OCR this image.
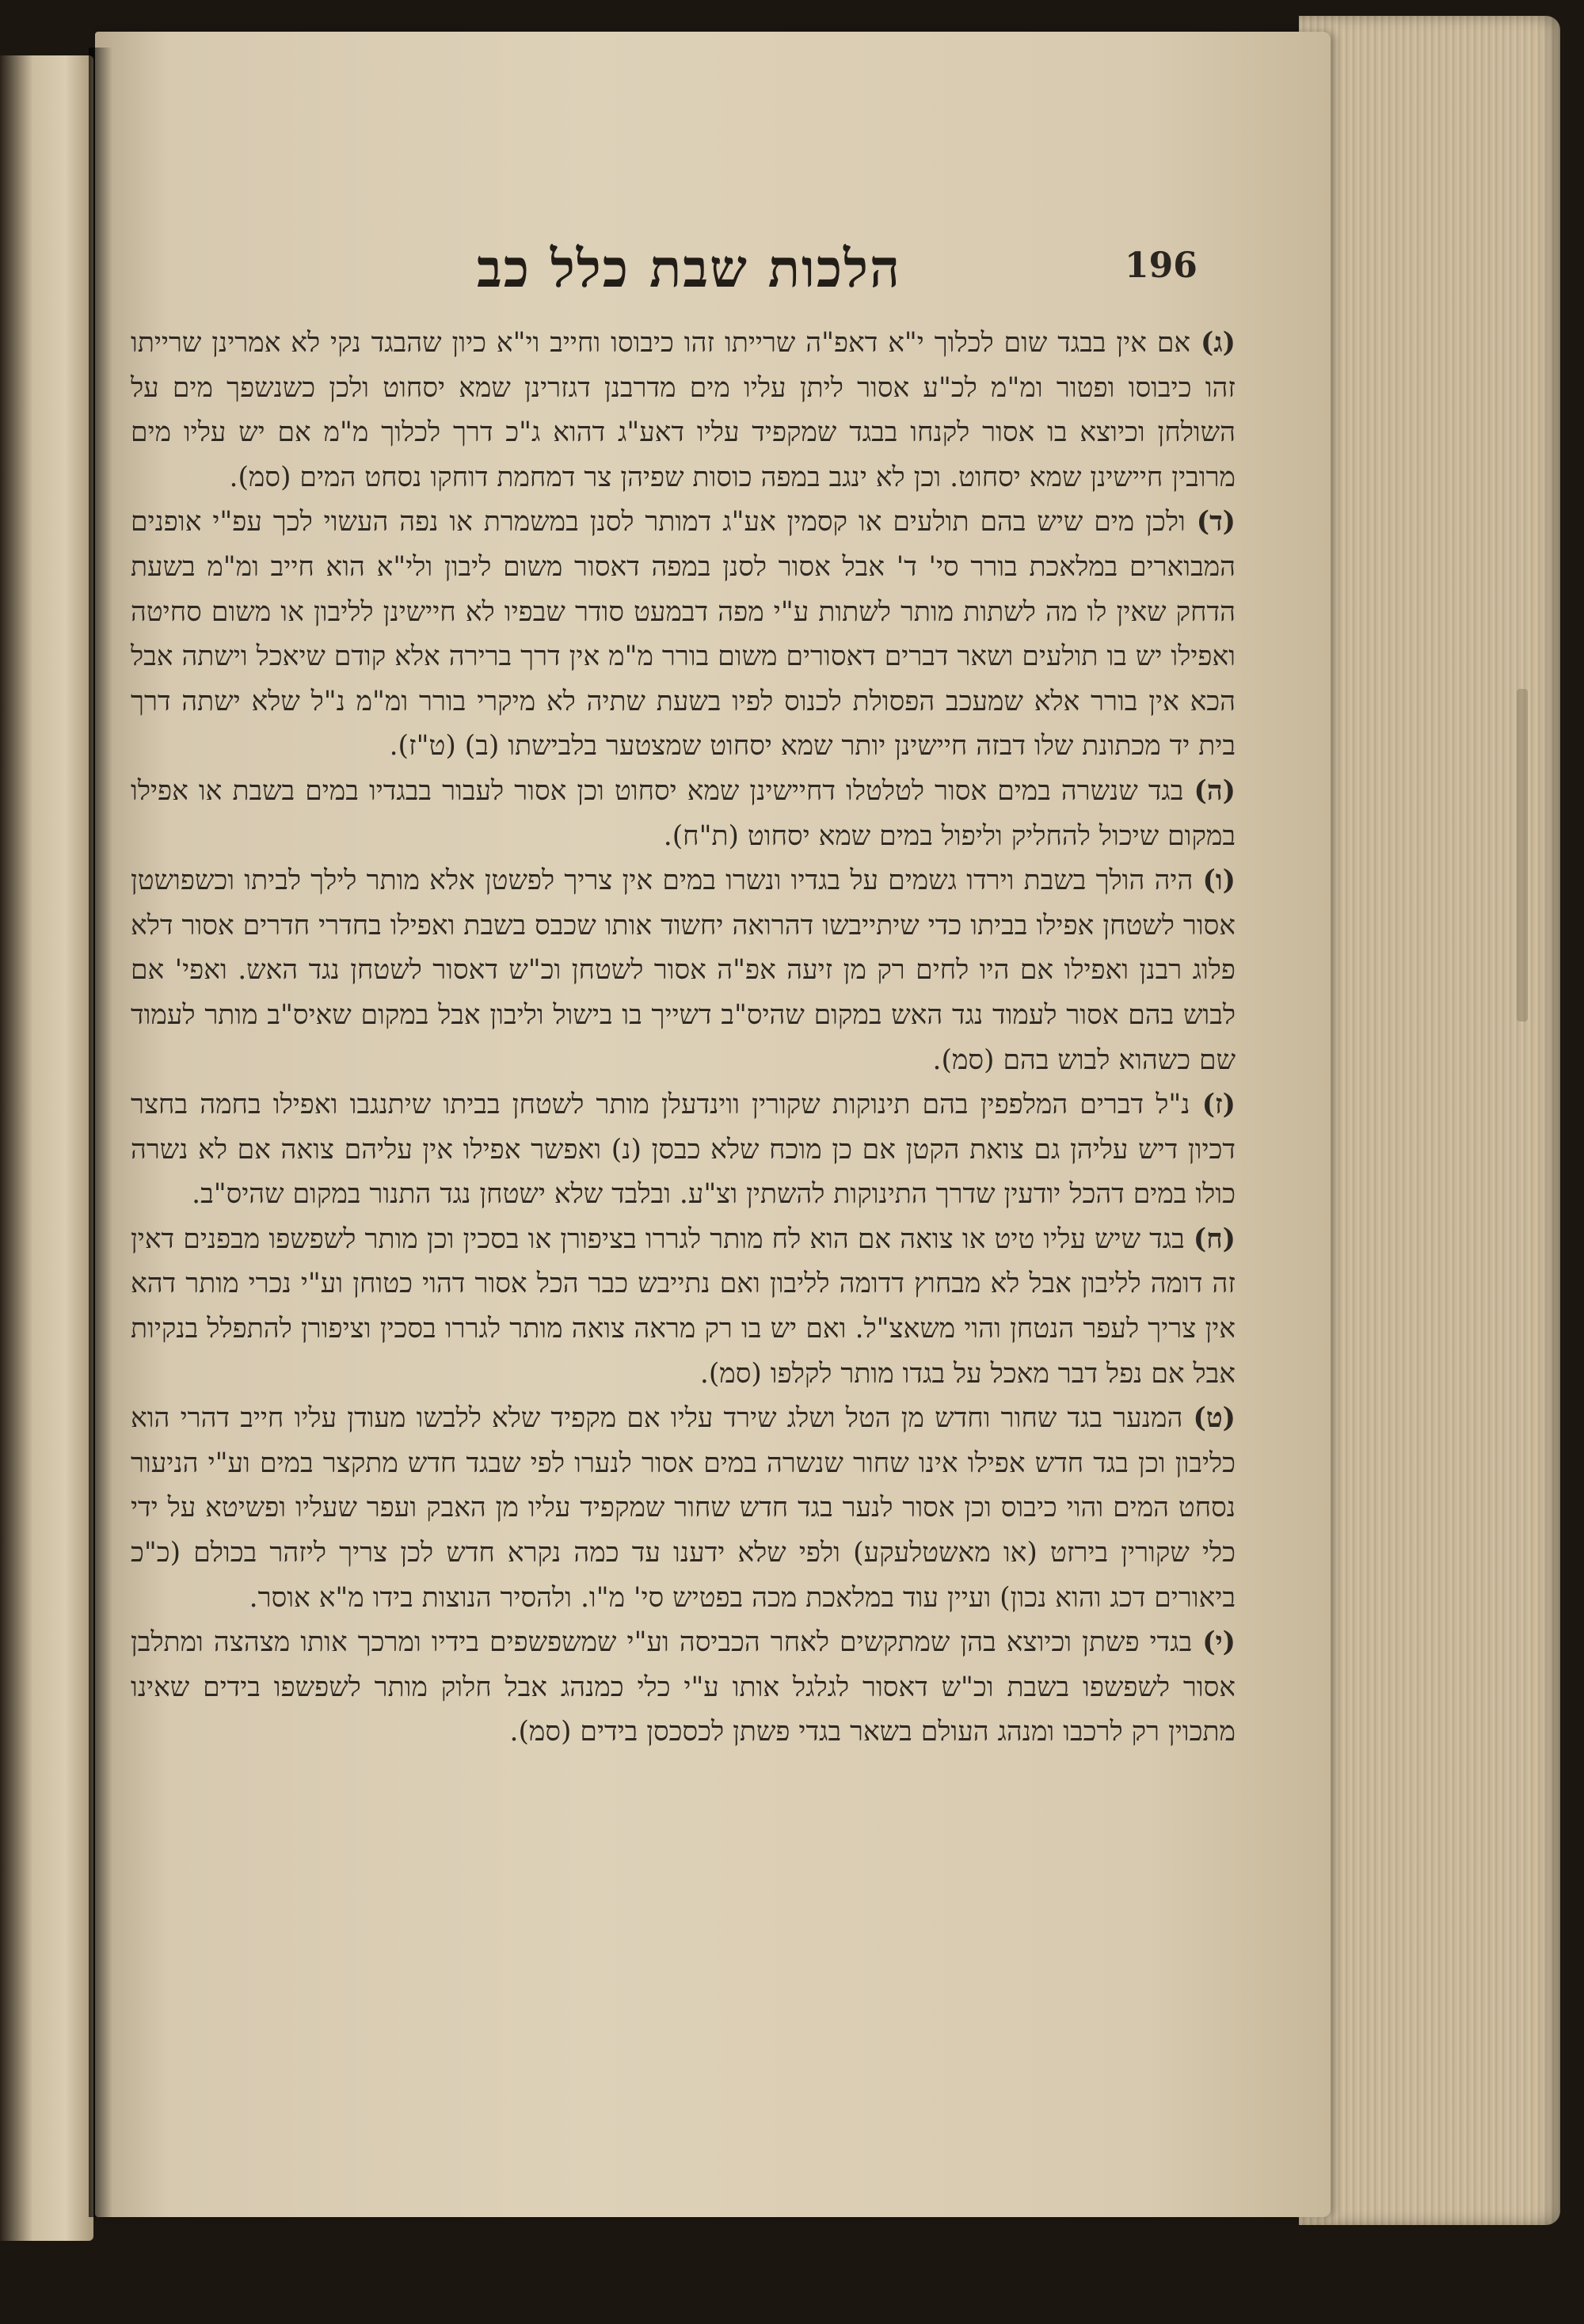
196
הלכות שבת כלל כב

(ג) אם אין בבגד שום לכלוך י"א דאפ"ה שרייתו זהו כיבוסו וחייב וי"א כיון שהבגד נקי לא אמרינן שרייתו זהו כיבוסו ופטור ומ"מ לכ"ע אסור ליתן עליו מים מדרבנן דגזרינן שמא יסחוט ולכן כשנשפך מים על השולחן וכיוצא בו אסור לקנחו בבגד שמקפיד עליו דאע"ג דהוא ג"כ דרך לכלוך מ"מ אם יש עליו מים מרובין חיישינן שמא יסחוט. וכן לא ינגב במפה כוסות שפיהן צר דמחמת דוחקו נסחט המים (סמ).

(ד) ולכן מים שיש בהם תולעים או קסמין אע"ג דמותר לסנן במשמרת או נפה העשוי לכך עפ"י אופנים המבוארים במלאכת בורר סי' ד' אבל אסור לסנן במפה דאסור משום ליבון ולי"א הוא חייב ומ"מ בשעת הדחק שאין לו מה לשתות מותר לשתות ע"י מפה דבמעט סודר שבפיו לא חיישינן לליבון או משום סחיטה ואפילו יש בו תולעים ושאר דברים דאסורים משום בורר מ"מ אין דרך ברירה אלא קודם שיאכל וישתה אבל הכא אין בורר אלא שמעכב הפסולת לכנוס לפיו בשעת שתיה לא מיקרי בורר ומ"מ נ"ל שלא ישתה דרך בית יד מכתונת שלו דבזה חיישינן יותר שמא יסחוט שמצטער בלבישתו (ב) (ט"ז).

(ה) בגד שנשרה במים אסור לטלטלו דחיישינן שמא יסחוט וכן אסור לעבור בבגדיו במים בשבת או אפילו במקום שיכול להחליק וליפול במים שמא יסחוט (ת"ח).

(ו) היה הולך בשבת וירדו גשמים על בגדיו ונשרו במים אין צריך לפשטן אלא מותר לילך לביתו וכשפושטן אסור לשטחן אפילו בביתו כדי שיתייבשו דהרואה יחשוד אותו שכבס בשבת ואפילו בחדרי חדרים אסור דלא פלוג רבנן ואפילו אם היו לחים רק מן זיעה אפ"ה אסור לשטחן וכ"ש דאסור לשטחן נגד האש. ואפי' אם לבוש בהם אסור לעמוד נגד האש במקום שהיס"ב דשייך בו בישול וליבון אבל במקום שאיס"ב מותר לעמוד שם כשהוא לבוש בהם (סמ).

(ז) נ"ל דברים המלפפין בהם תינוקות שקורין ווינדעלן מותר לשטחן בביתו שיתנגבו ואפילו בחמה בחצר דכיון דיש עליהן גם צואת הקטן אם כן מוכח שלא כבסן (נ) ואפשר אפילו אין עליהם צואה אם לא נשרה כולו במים דהכל יודעין שדרך התינוקות להשתין וצ"ע. ובלבד שלא ישטחן נגד התנור במקום שהיס"ב.

(ח) בגד שיש עליו טיט או צואה אם הוא לח מותר לגררו בציפורן או בסכין וכן מותר לשפשפו מבפנים דאין זה דומה לליבון אבל לא מבחוץ דדומה לליבון ואם נתייבש כבר הכל אסור דהוי כטוחן וע"י נכרי מותר דהא אין צריך לעפר הנטחן והוי משאצ"ל. ואם יש בו רק מראה צואה מותר לגררו בסכין וציפורן להתפלל בנקיות אבל אם נפל דבר מאכל על בגדו מותר לקלפו (סמ).

(ט) המנער בגד שחור וחדש מן הטל ושלג שירד עליו אם מקפיד שלא ללבשו מעודן עליו חייב דהרי הוא כליבון וכן בגד חדש אפילו אינו שחור שנשרה במים אסור לנערו לפי שבגד חדש מתקצר במים וע"י הניעור נסחט המים והוי כיבוס וכן אסור לנער בגד חדש שחור שמקפיד עליו מן האבק ועפר שעליו ופשיטא על ידי כלי שקורין בירזט (או מאשטלעקע) ולפי שלא ידענו עד כמה נקרא חדש לכן צריך ליזהר בכולם (כ"כ ביאורים דכג והוא נכון) ועיין עוד במלאכת מכה בפטיש סי' מ"ו. ולהסיר הנוצות בידו מ"א אוסר.

(י) בגדי פשתן וכיוצא בהן שמתקשים לאחר הכביסה וע"י שמשפשפים בידיו ומרכך אותו מצהצה ומתלבן אסור לשפשפו בשבת וכ"ש דאסור לגלגל אותו ע"י כלי כמנהג אבל חלוק מותר לשפשפו בידים שאינו מתכוין רק לרכבו ומנהג העולם בשאר בגדי פשתן לכסכסן בידים (סמ).
